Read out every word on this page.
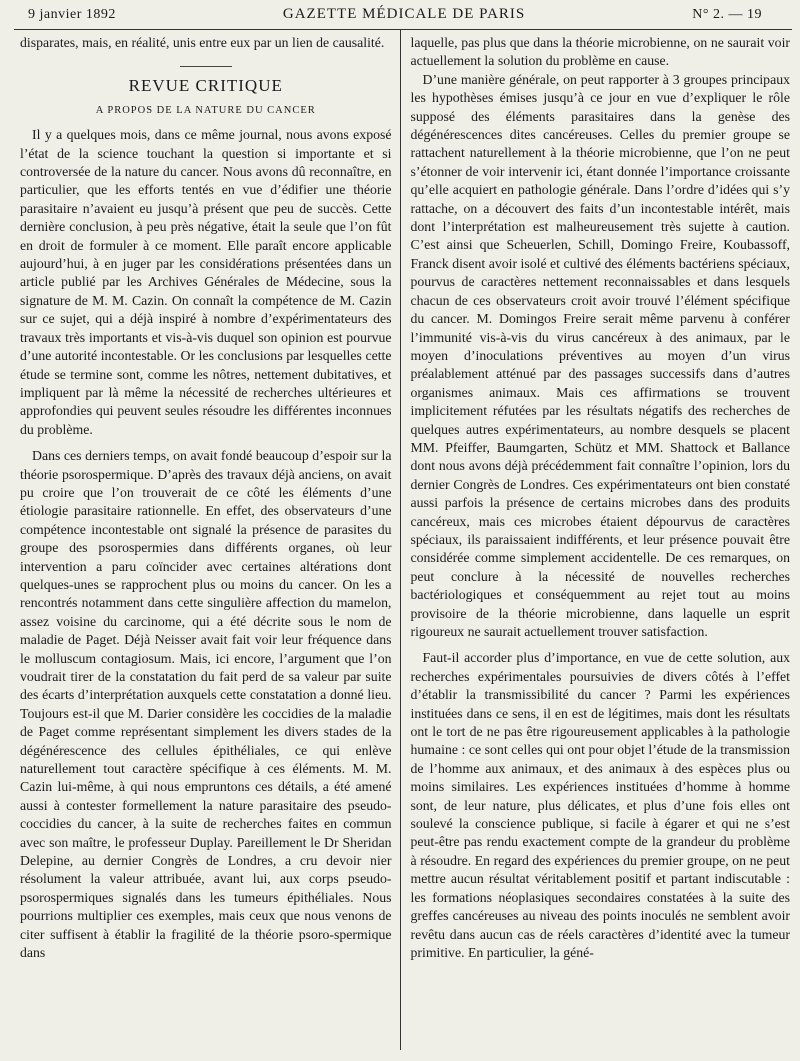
9 janvier 1892	GAZETTE MÉDICALE DE PARIS	N° 2. — 19

disparates, mais, en réalité, unis entre eux par un lien de causalité.

REVUE CRITIQUE

A PROPOS DE LA NATURE DU CANCER

Il y a quelques mois, dans ce même journal, nous avons exposé l’état de la science touchant la question si importante et si controversée de la nature du cancer. Nous avons dû reconnaître, en particulier, que les efforts tentés en vue d’édifier une théorie parasitaire n’avaient eu jusqu’à présent que peu de succès. Cette dernière conclusion, à peu près négative, était la seule que l’on fût en droit de formuler à ce moment. Elle paraît encore applicable aujourd’hui, à en juger par les considérations présentées dans un article publié par les Archives Générales de Médecine, sous la signature de M. M. Cazin. On connaît la compétence de M. Cazin sur ce sujet, qui a déjà inspiré à nombre d’expérimentateurs des travaux très importants et vis-à-vis duquel son opinion est pourvue d’une autorité incontestable. Or les conclusions par lesquelles cette étude se termine sont, comme les nôtres, nettement dubitatives, et impliquent par là même la nécessité de recherches ultérieures et approfondies qui peuvent seules résoudre les différentes inconnues du problème.

Dans ces derniers temps, on avait fondé beaucoup d’espoir sur la théorie psorospermique. D’après des travaux déjà anciens, on avait pu croire que l’on trouverait de ce côté les éléments d’une étiologie parasitaire rationnelle. En effet, des observateurs d’une compétence incontestable ont signalé la présence de parasites du groupe des psorospermies dans différents organes, où leur intervention a paru coïncider avec certaines altérations dont quelques-unes se rapprochent plus ou moins du cancer. On les a rencontrés notamment dans cette singulière affection du mamelon, assez voisine du carcinome, qui a été décrite sous le nom de maladie de Paget. Déjà Neisser avait fait voir leur fréquence dans le molluscum contagiosum. Mais, ici encore, l’argument que l’on voudrait tirer de la constatation du fait perd de sa valeur par suite des écarts d’interprétation auxquels cette constatation a donné lieu. Toujours est-il que M. Darier considère les coccidies de la maladie de Paget comme représentant simplement les divers stades de la dégénérescence des cellules épithéliales, ce qui enlève naturellement tout caractère spécifique à ces éléments. M. M. Cazin lui-même, à qui nous empruntons ces détails, a été amené aussi à contester formellement la nature parasitaire des pseudo-coccidies du cancer, à la suite de recherches faites en commun avec son maître, le professeur Duplay. Pareillement le Dr Sheridan Delepine, au dernier Congrès de Londres, a cru devoir nier résolument la valeur attribuée, avant lui, aux corps pseudo-psorospermiques signalés dans les tumeurs épithéliales. Nous pourrions multiplier ces exemples, mais ceux que nous venons de citer suffisent à établir la fragilité de la théorie psoro-spermique dans

laquelle, pas plus que dans la théorie microbienne, on ne saurait voir actuellement la solution du problème en cause.

D’une manière générale, on peut rapporter à 3 groupes principaux les hypothèses émises jusqu’à ce jour en vue d’expliquer le rôle supposé des éléments parasitaires dans la genèse des dégénérescences dites cancéreuses. Celles du premier groupe se rattachent naturellement à la théorie microbienne, que l’on ne peut s’étonner de voir intervenir ici, étant donnée l’importance croissante qu’elle acquiert en pathologie générale. Dans l’ordre d’idées qui s’y rattache, on a découvert des faits d’un incontestable intérêt, mais dont l’interprétation est malheureusement très sujette à caution. C’est ainsi que Scheuerlen, Schill, Domingo Freire, Koubassoff, Franck disent avoir isolé et cultivé des éléments bactériens spéciaux, pourvus de caractères nettement reconnaissables et dans lesquels chacun de ces observateurs croit avoir trouvé l’élément spécifique du cancer. M. Domingos Freire serait même parvenu à conférer l’immunité vis-à-vis du virus cancéreux à des animaux, par le moyen d’inoculations préventives au moyen d’un virus préalablement atténué par des passages successifs dans d’autres organismes animaux. Mais ces affirmations se trouvent implicitement réfutées par les résultats négatifs des recherches de quelques autres expérimentateurs, au nombre desquels se placent MM. Pfeiffer, Baumgarten, Schütz et MM. Shattock et Ballance dont nous avons déjà précédemment fait connaître l’opinion, lors du dernier Congrès de Londres. Ces expérimentateurs ont bien constaté aussi parfois la présence de certains microbes dans des produits cancéreux, mais ces microbes étaient dépourvus de caractères spéciaux, ils paraissaient indifférents, et leur présence pouvait être considérée comme simplement accidentelle. De ces remarques, on peut conclure à la nécessité de nouvelles recherches bactériologiques et conséquemment au rejet tout au moins provisoire de la théorie microbienne, dans laquelle un esprit rigoureux ne saurait actuellement trouver satisfaction.

Faut-il accorder plus d’importance, en vue de cette solution, aux recherches expérimentales poursuivies de divers côtés à l’effet d’établir la transmissibilité du cancer ? Parmi les expériences instituées dans ce sens, il en est de légitimes, mais dont les résultats ont le tort de ne pas être rigoureusement applicables à la pathologie humaine : ce sont celles qui ont pour objet l’étude de la transmission de l’homme aux animaux, et des animaux à des espèces plus ou moins similaires. Les expériences instituées d’homme à homme sont, de leur nature, plus délicates, et plus d’une fois elles ont soulevé la conscience publique, si facile à égarer et qui ne s’est peut-être pas rendu exactement compte de la grandeur du problème à résoudre. En regard des expériences du premier groupe, on ne peut mettre aucun résultat véritablement positif et partant indiscutable : les formations néoplasiques secondaires constatées à la suite des greffes cancéreuses au niveau des points inoculés ne semblent avoir revêtu dans aucun cas de réels caractères d’identité avec la tumeur primitive. En particulier, la géné-
